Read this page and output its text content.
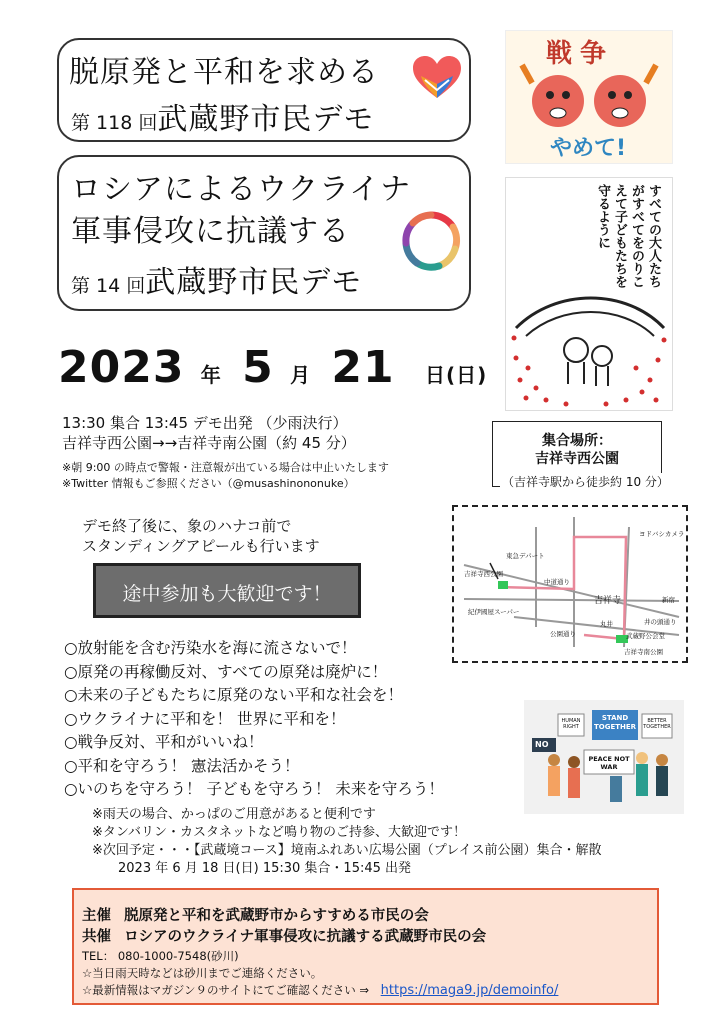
脱原発と平和を求める
第 118 回武蔵野市民デモ
ロシアによるウクライナ
軍事侵攻に抗議する
第 14 回武蔵野市民デモ
戦争
やめて!
すべての大人たちがすべてをのりこえて子どもたちを守るように
2023 年 5 月 21 日(日)
13:30 集合 13:45 デモ出発 （少雨決行）
吉祥寺西公園→→吉祥寺南公園（約 45 分）
※朝 9:00 の時点で警報・注意報が出ている場合は中止いたします
※Twitter 情報もご参照ください（@musashinononuke）
集合場所：
吉祥寺西公園
（吉祥寺駅から徒歩約 10 分）
デモ終了後に、象のハナコ前で
スタンディングアピールも行います
途中参加も大歓迎です！
ヨドバシカメラ
東急デパート
中道通り
吉祥寺西公園
吉祥寺	新宿
紀伊國屋スーパー
丸井	井の頭通り
公園通り	武蔵野公会堂
吉祥寺南公園
○放射能を含む汚染水を海に流さないで！
○原発の再稼働反対、すべての原発は廃炉に！
○未来の子どもたちに原発のない平和な社会を！
○ウクライナに平和を！ 世界に平和を！
○戦争反対、平和がいいね！
○平和を守ろう！ 憲法活かそう！
○いのちを守ろう！ 子どもを守ろう！ 未来を守ろう！
NO
HUMAN RIGHT
STAND TOGETHER
BETTER TOGETHER
PEACE NOT WAR
※雨天の場合、かっぱのご用意があると便利です
※タンバリン・カスタネットなど鳴り物のご持参、大歓迎です！
※次回予定・・・【武蔵境コース】境南ふれあい広場公園（プレイス前公園）集合・解散
2023 年 6 月 18 日(日) 15:30 集合・15:45 出発
主催 脱原発と平和を武蔵野市からすすめる市民の会
共催 ロシアのウクライナ軍事侵攻に抗議する武蔵野市民の会
TEL： 080-1000-7548(砂川)
☆当日雨天時などは砂川までご連絡ください。
☆最新情報はマガジン９のサイトにてご確認ください ⇒ https://maga9.jp/demoinfo/
